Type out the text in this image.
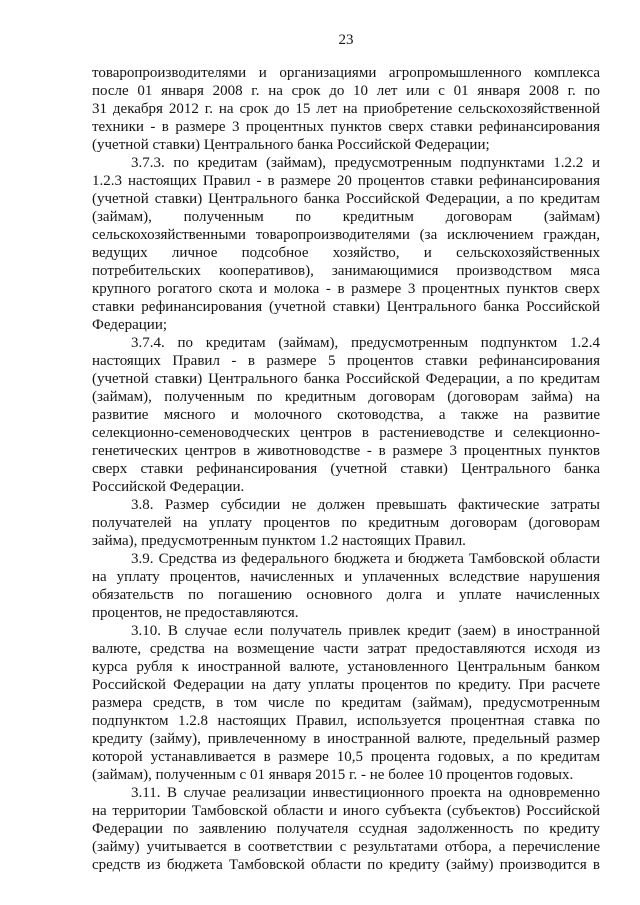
23
товаропроизводителями и организациями агропромышленного комплекса
после 01 января 2008 г. на срок до 10 лет или с 01 января 2008 г. по
31 декабря 2012 г. на срок до 15 лет на приобретение сельскохозяйственной
техники - в размере 3 процентных пунктов сверх ставки рефинансирования
(учетной ставки) Центрального банка Российской Федерации;
3.7.3. по кредитам (займам), предусмотренным подпунктами 1.2.2 и
1.2.3 настоящих Правил - в размере 20 процентов ставки рефинансирования
(учетной ставки) Центрального банка Российской Федерации, а по кредитам
(займам), полученным по кредитным договорам (займам)
сельскохозяйственными товаропроизводителями (за исключением граждан,
ведущих личное подсобное хозяйство, и сельскохозяйственных
потребительских кооперативов), занимающимися производством мяса
крупного рогатого скота и молока - в размере 3 процентных пунктов сверх
ставки рефинансирования (учетной ставки) Центрального банка Российской
Федерации;
3.7.4. по кредитам (займам), предусмотренным подпунктом 1.2.4
настоящих Правил - в размере 5 процентов ставки рефинансирования
(учетной ставки) Центрального банка Российской Федерации, а по кредитам
(займам), полученным по кредитным договорам (договорам займа) на
развитие мясного и молочного скотоводства, а также на развитие
селекционно-семеноводческих центров в растениеводстве и селекционно-
генетических центров в животноводстве - в размере 3 процентных пунктов
сверх ставки рефинансирования (учетной ставки) Центрального банка
Российской Федерации.
3.8. Размер субсидии не должен превышать фактические затраты
получателей на уплату процентов по кредитным договорам (договорам
займа), предусмотренным пунктом 1.2 настоящих Правил.
3.9. Средства из федерального бюджета и бюджета Тамбовской области
на уплату процентов, начисленных и уплаченных вследствие нарушения
обязательств по погашению основного долга и уплате начисленных
процентов, не предоставляются.
3.10. В случае если получатель привлек кредит (заем) в иностранной
валюте, средства на возмещение части затрат предоставляются исходя из
курса рубля к иностранной валюте, установленного Центральным банком
Российской Федерации на дату уплаты процентов по кредиту. При расчете
размера средств, в том числе по кредитам (займам), предусмотренным
подпунктом 1.2.8 настоящих Правил, используется процентная ставка по
кредиту (займу), привлеченному в иностранной валюте, предельный размер
которой устанавливается в размере 10,5 процента годовых, а по кредитам
(займам), полученным с 01 января 2015 г. - не более 10 процентов годовых.
3.11. В случае реализации инвестиционного проекта на одновременно
на территории Тамбовской области и иного субъекта (субъектов) Российской
Федерации по заявлению получателя ссудная задолженность по кредиту
(займу) учитывается в соответствии с результатами отбора, а перечисление
средств из бюджета Тамбовской области по кредиту (займу) производится в
